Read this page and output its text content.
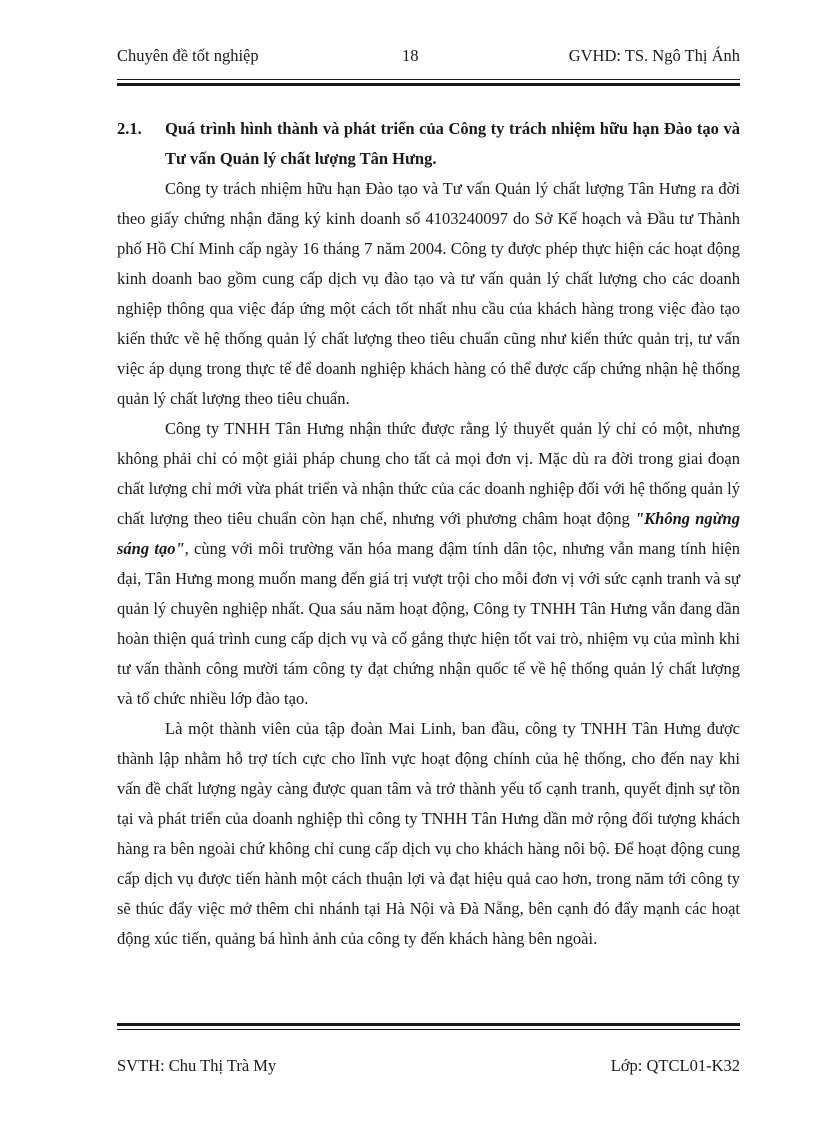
Chuyên đề tốt nghiệp	18	GVHD: TS. Ngô Thị Ánh
2.1.	Quá trình hình thành và phát triển của Công ty trách nhiệm hữu hạn Đào tạo và Tư vấn Quản lý chất lượng Tân Hưng.

Công ty trách nhiệm hữu hạn Đào tạo và Tư vấn Quản lý chất lượng Tân Hưng ra đời theo giấy chứng nhận đăng ký kinh doanh số 4103240097 do Sở Kế hoạch và Đầu tư Thành phố Hồ Chí Minh cấp ngày 16 tháng 7 năm 2004. Công ty được phép thực hiện các hoạt động kinh doanh bao gồm cung cấp dịch vụ đào tạo và tư vấn quản lý chất lượng cho các doanh nghiệp thông qua việc đáp ứng một cách tốt nhất nhu cầu của khách hàng trong việc đào tạo kiến thức về hệ thống quản lý chất lượng theo tiêu chuẩn cũng như kiến thức quản trị, tư vấn việc áp dụng trong thực tế để doanh nghiệp khách hàng có thể được cấp chứng nhận hệ thống quản lý chất lượng theo tiêu chuẩn.

Công ty TNHH Tân Hưng nhận thức được rằng lý thuyết quản lý chỉ có một, nhưng không phải chỉ có một giải pháp chung cho tất cả mọi đơn vị. Mặc dù ra đời trong giai đoạn chất lượng chỉ mới vừa phát triển và nhận thức của các doanh nghiệp đối với hệ thống quản lý chất lượng theo tiêu chuẩn còn hạn chế, nhưng với phương châm hoạt động "Không ngừng sáng tạo", cùng với môi trường văn hóa mang đậm tính dân tộc, nhưng vẫn mang tính hiện đại, Tân Hưng mong muốn mang đến giá trị vượt trội cho mỗi đơn vị với sức cạnh tranh và sự quản lý chuyên nghiệp nhất. Qua sáu năm hoạt động, Công ty TNHH Tân Hưng vẫn đang dần hoàn thiện quá trình cung cấp dịch vụ và cố gắng thực hiện tốt vai trò, nhiệm vụ của mình khi tư vấn thành công mười tám công ty đạt chứng nhận quốc tế về hệ thống quản lý chất lượng và tổ chức nhiều lớp đào tạo.

Là một thành viên của tập đoàn Mai Linh, ban đầu, công ty TNHH Tân Hưng được thành lập nhằm hỗ trợ tích cực cho lĩnh vực hoạt động chính của hệ thống, cho đến nay khi vấn đề chất lượng ngày càng được quan tâm và trở thành yếu tố cạnh tranh, quyết định sự tồn tại và phát triển của doanh nghiệp thì công ty TNHH Tân Hưng dần mở rộng đối tượng khách hàng ra bên ngoài chứ không chỉ cung cấp dịch vụ cho khách hàng nôi bộ. Để hoạt động cung cấp dịch vụ được tiến hành một cách thuận lợi và đạt hiệu quả cao hơn, trong năm tới công ty sẽ thúc đẩy việc mở thêm chi nhánh tại Hà Nội và Đà Nẵng, bên cạnh đó đẩy mạnh các hoạt động xúc tiến, quảng bá hình ảnh của công ty đến khách hàng bên ngoài.

SVTH: Chu Thị Trà My	Lớp: QTCL01-K32
